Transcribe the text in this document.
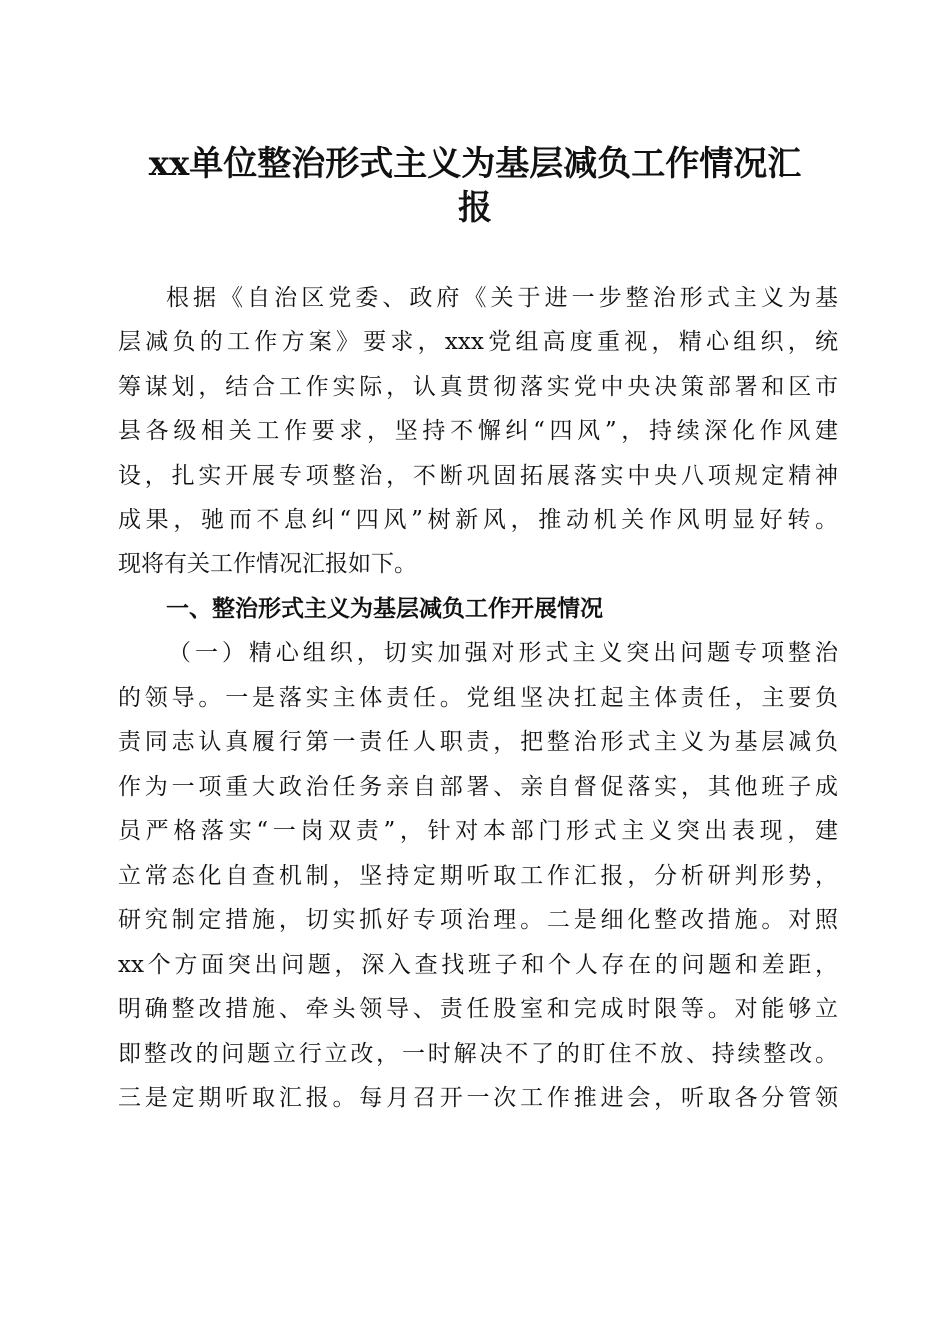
xx单位整治形式主义为基层减负工作情况汇
报

根据《自治区党委、政府《关于进一步整治形式主义为基

层减负的工作方案》要求，xxx党组高度重视，精心组织，统

筹谋划，结合工作实际，认真贯彻落实党中央决策部署和区市

县各级相关工作要求，坚持不懈纠“四风”，持续深化作风建

设，扎实开展专项整治，不断巩固拓展落实中央八项规定精神

成果，驰而不息纠“四风”树新风，推动机关作风明显好转。

现将有关工作情况汇报如下。

一、整治形式主义为基层减负工作开展情况

（一）精心组织，切实加强对形式主义突出问题专项整治

的领导。一是落实主体责任。党组坚决扛起主体责任，主要负

责同志认真履行第一责任人职责，把整治形式主义为基层减负

作为一项重大政治任务亲自部署、亲自督促落实，其他班子成

员严格落实“一岗双责”，针对本部门形式主义突出表现，建

立常态化自查机制，坚持定期听取工作汇报，分析研判形势，

研究制定措施，切实抓好专项治理。二是细化整改措施。对照

xx个方面突出问题，深入查找班子和个人存在的问题和差距，

明确整改措施、牵头领导、责任股室和完成时限等。对能够立

即整改的问题立行立改，一时解决不了的盯住不放、持续整改。

三是定期听取汇报。每月召开一次工作推进会，听取各分管领
